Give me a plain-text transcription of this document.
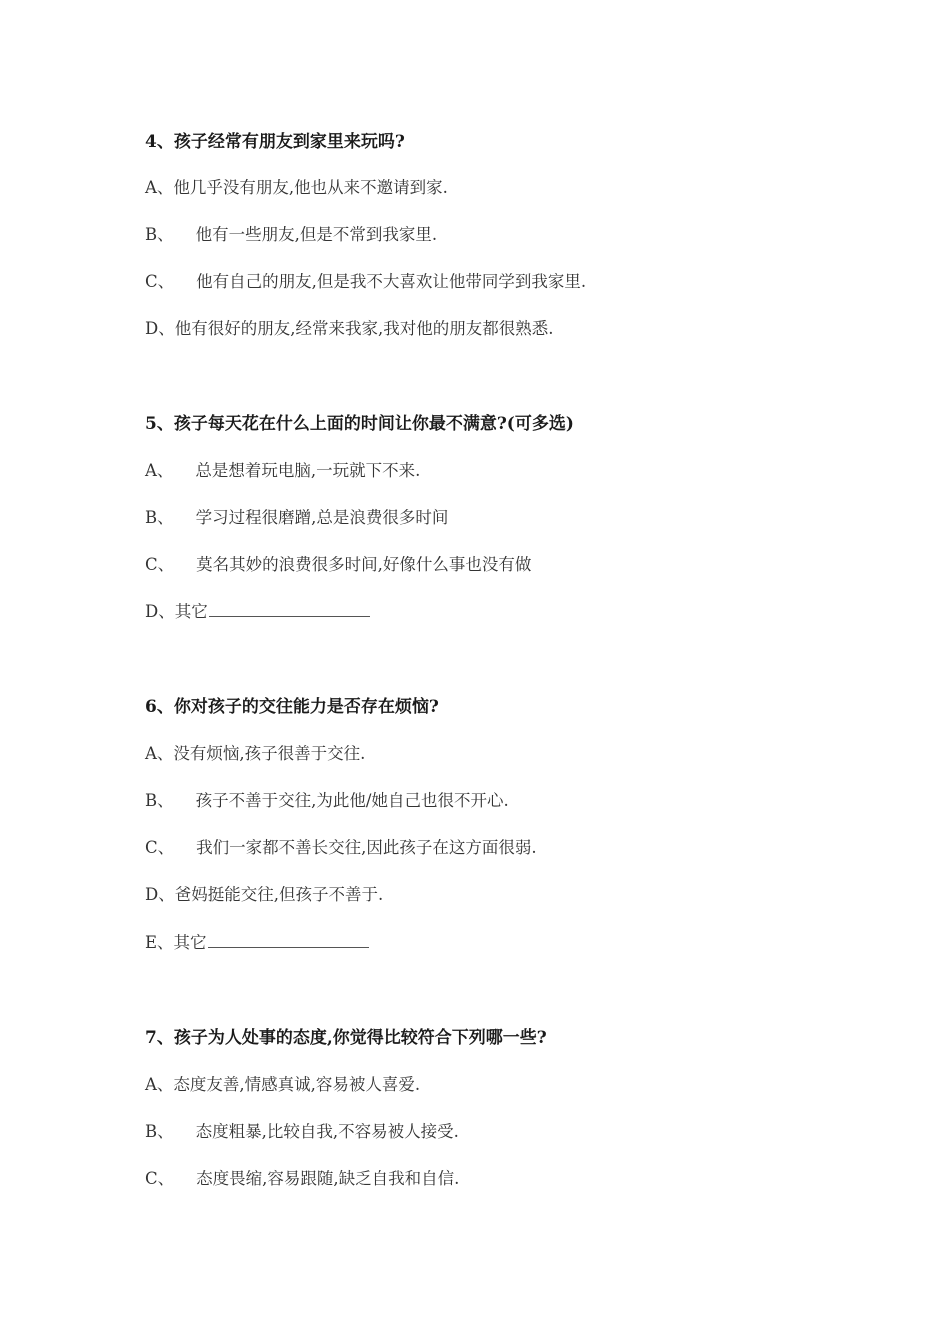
4、孩子经常有朋友到家里来玩吗?
A、他几乎没有朋友,他也从来不邀请到家.
B、 他有一些朋友,但是不常到我家里.
C、 他有自己的朋友,但是我不大喜欢让他带同学到我家里.
D、他有很好的朋友,经常来我家,我对他的朋友都很熟悉.
5、孩子每天花在什么上面的时间让你最不满意?(可多选)
A、 总是想着玩电脑,一玩就下不来.
B、 学习过程很磨蹭,总是浪费很多时间
C、 莫名其妙的浪费很多时间,好像什么事也没有做
D、其它
6、你对孩子的交往能力是否存在烦恼?
A、没有烦恼,孩子很善于交往.
B、 孩子不善于交往,为此他/她自己也很不开心.
C、 我们一家都不善长交往,因此孩子在这方面很弱.
D、爸妈挺能交往,但孩子不善于.
E、其它
7、孩子为人处事的态度,你觉得比较符合下列哪一些?
A、态度友善,情感真诚,容易被人喜爱.
B、 态度粗暴,比较自我,不容易被人接受.
C、 态度畏缩,容易跟随,缺乏自我和自信.
